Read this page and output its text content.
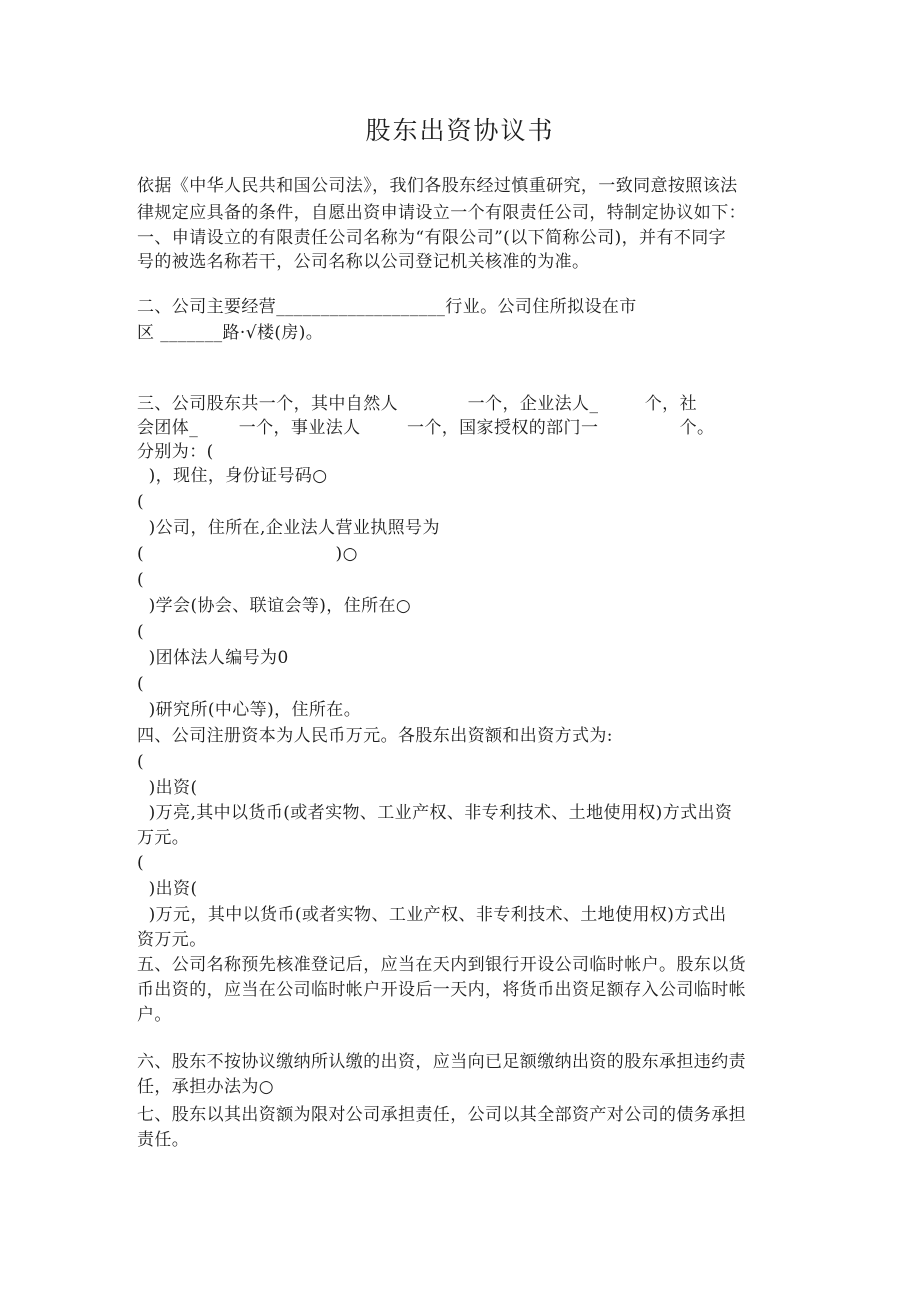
股东出资协议书
依据《中华人民共和国公司法》，我们各股东经过慎重研究，一致同意按照该法
律规定应具备的条件，自愿出资申请设立一个有限责任公司，特制定协议如下：
一、申请设立的有限责任公司名称为“有限公司”(以下简称公司)，并有不同字
号的被选名称若干，公司名称以公司登记机关核准的为准。
二、公司主要经营___________________行业。公司住所拟设在市
区 _______路·√楼(房)。
三、公司股东共一个，其中自然人            一个，企业法人_        个，社
会团体_       一个，事业法人        一个，国家授权的部门一              个。
分别为：(
)，现住，身份证号码○
(
)公司，住所在,企业法人营业执照号为
(                                 )○
(
)学会(协会、联谊会等)，住所在○
(
)团体法人编号为0
(
)研究所(中心等)，住所在。
四、公司注册资本为人民币万元。各股东出资额和出资方式为:
(
)出资(
)万亮,其中以货币(或者实物、工业产权、非专利技术、土地使用权)方式出资
万元。
(
)出资(
)万元，其中以货币(或者实物、工业产权、非专利技术、土地使用权)方式出
资万元。
五、公司名称预先核准登记后，应当在天内到银行开设公司临时帐户。股东以货
币出资的，应当在公司临时帐户开设后一天内，将货币出资足额存入公司临时帐
户。
六、股东不按协议缴纳所认缴的出资，应当向已足额缴纳出资的股东承担违约责
任，承担办法为○
七、股东以其出资额为限对公司承担责任，公司以其全部资产对公司的债务承担
责任。
